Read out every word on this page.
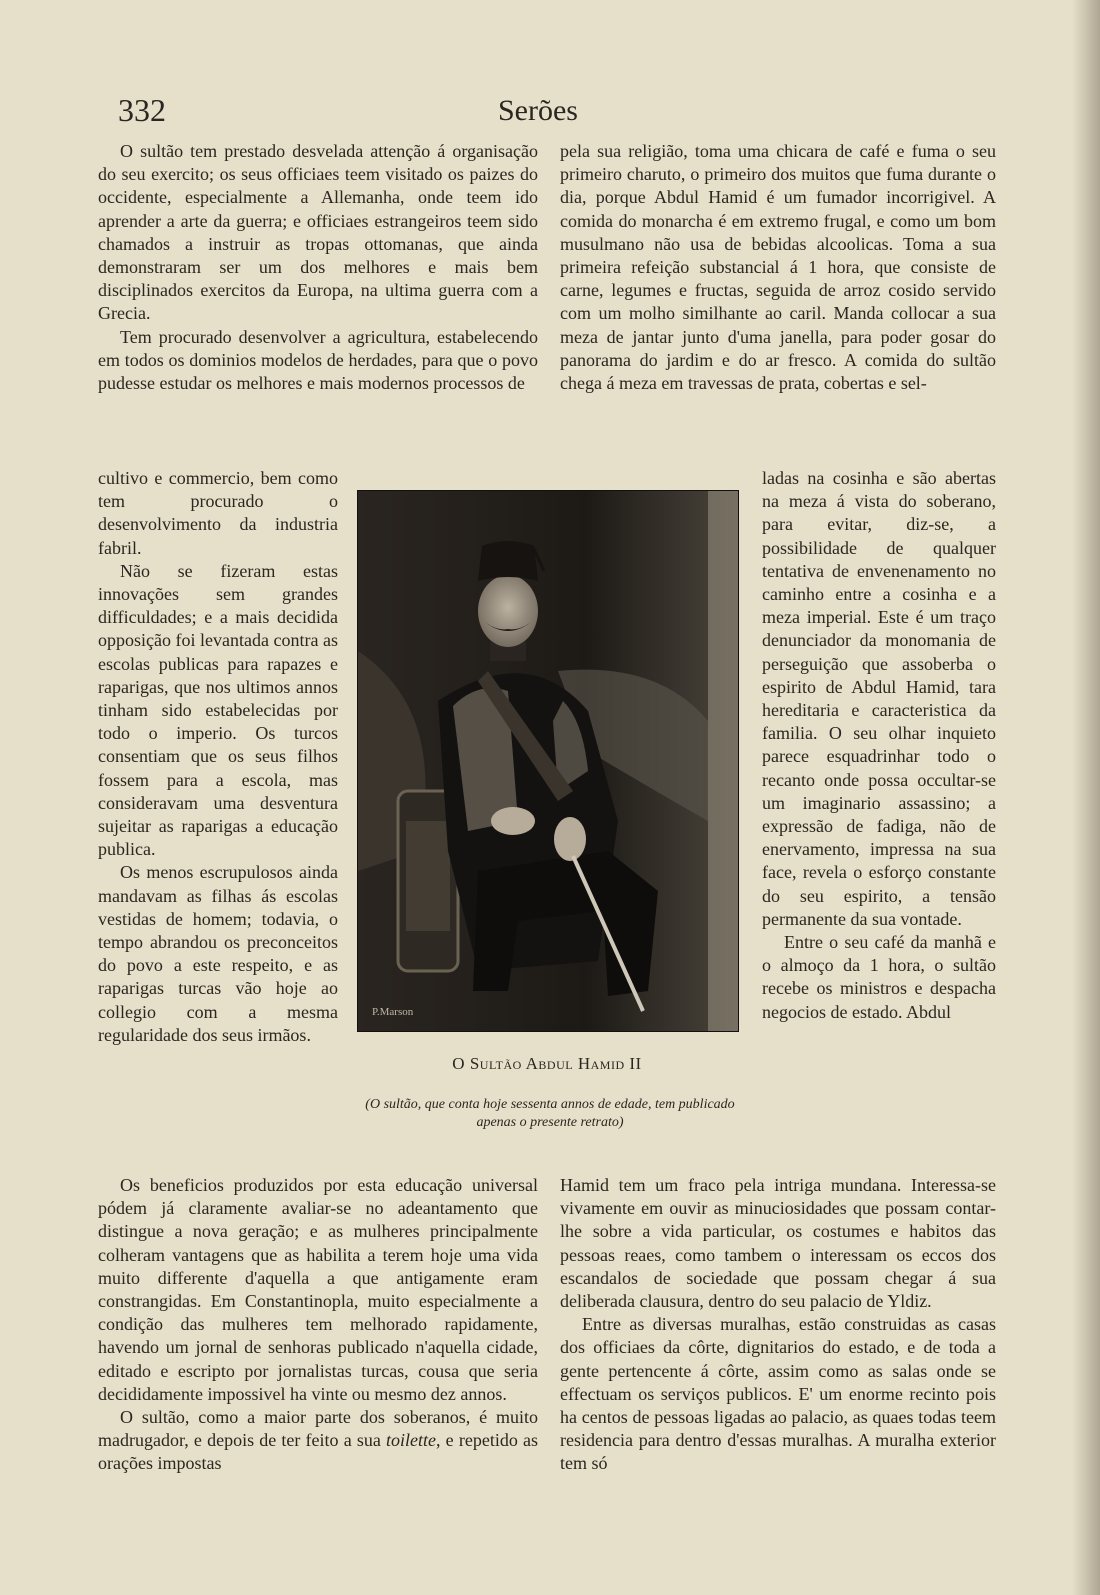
332	Serões

O sultão tem prestado desvelada attenção á organisação do seu exercito; os seus officiaes teem visitado os paizes do occidente, especialmente a Allemanha, onde teem ido aprender a arte da guerra; e officiaes estrangeiros teem sido chamados a instruir as tropas ottomanas, que ainda demonstraram ser um dos melhores e mais bem disciplinados exercitos da Europa, na ultima guerra com a Grecia.

Tem procurado desenvolver a agricultura, estabelecendo em todos os dominios modelos de herdades, para que o povo pudesse estudar os melhores e mais modernos processos de

cultivo e commercio, bem como tem procurado o desenvolvimento da industria fabril.

Não se fizeram estas innovações sem grandes difficuldades; e a mais decidida opposição foi levantada contra as escolas publicas para rapazes e raparigas, que nos ultimos annos tinham sido estabelecidas por todo o imperio. Os turcos consentiam que os seus filhos fossem para a escola, mas consideravam uma desventura sujeitar as raparigas a educação publica.

Os menos escrupulosos ainda mandavam as filhas ás escolas vestidas de homem; todavia, o tempo abrandou os preconceitos do povo a este respeito, e as raparigas turcas vão hoje ao collegio com a mesma regularidade dos seus irmãos.

Os beneficios produzidos por esta educação universal pódem já claramente avaliar-se no adeantamento que distingue a nova geração; e as mulheres principalmente colheram vantagens que as habilita a terem hoje uma vida muito differente d'aquella a que antigamente eram constrangidas. Em Constantinopla, muito especialmente a condição das mulheres tem melhorado rapidamente, havendo um jornal de senhoras publicado n'aquella cidade, editado e escripto por jornalistas turcas, cousa que seria decididamente impossivel ha vinte ou mesmo dez annos.

O sultão, como a maior parte dos soberanos, é muito madrugador, e depois de ter feito a sua toilette, e repetido as orações impostas

pela sua religião, toma uma chicara de café e fuma o seu primeiro charuto, o primeiro dos muitos que fuma durante o dia, porque Abdul Hamid é um fumador incorrigivel. A comida do monarcha é em extremo frugal, e como um bom musulmano não usa de bebidas alcoolicas. Toma a sua primeira refeição substancial á 1 hora, que consiste de carne, legumes e fructas, seguida de arroz cosido servido com um molho similhante ao caril. Manda collocar a sua meza de jantar junto d'uma janella, para poder gosar do panorama do jardim e do ar fresco. A comida do sultão chega á meza em travessas de prata, cobertas e sel-

ladas na cosinha e são abertas na meza á vista do soberano, para evitar, diz-se, a possibilidade de qualquer tentativa de envenenamento no caminho entre a cosinha e a meza imperial. Este é um traço denunciador da monomania de perseguição que assoberba o espirito de Abdul Hamid, tara hereditaria e caracteristica da familia. O seu olhar inquieto parece esquadrinhar todo o recanto onde possa occultar-se um imaginario assassino; a expressão de fadiga, não de enervamento, impressa na sua face, revela o esforço constante do seu espirito, a tensão permanente da sua vontade.

Entre o seu café da manhã e o almoço da 1 hora, o sultão recebe os ministros e despacha negocios de estado. Abdul

Hamid tem um fraco pela intriga mundana. Interessa-se vivamente em ouvir as minuciosidades que possam contar-lhe sobre a vida particular, os costumes e habitos das pessoas reaes, como tambem o interessam os eccos dos escandalos de sociedade que possam chegar á sua deliberada clausura, dentro do seu palacio de Yldiz.

Entre as diversas muralhas, estão construidas as casas dos officiaes da côrte, dignitarios do estado, e de toda a gente pertencente á côrte, assim como as salas onde se effectuam os serviços publicos. E' um enorme recinto pois ha centos de pessoas ligadas ao palacio, as quaes todas teem residencia para dentro d'essas muralhas. A muralha exterior tem só

P.Marson
O Sultão Abdul Hamid II
(O sultão, que conta hoje sessenta annos de edade, tem publicado apenas o presente retrato)
